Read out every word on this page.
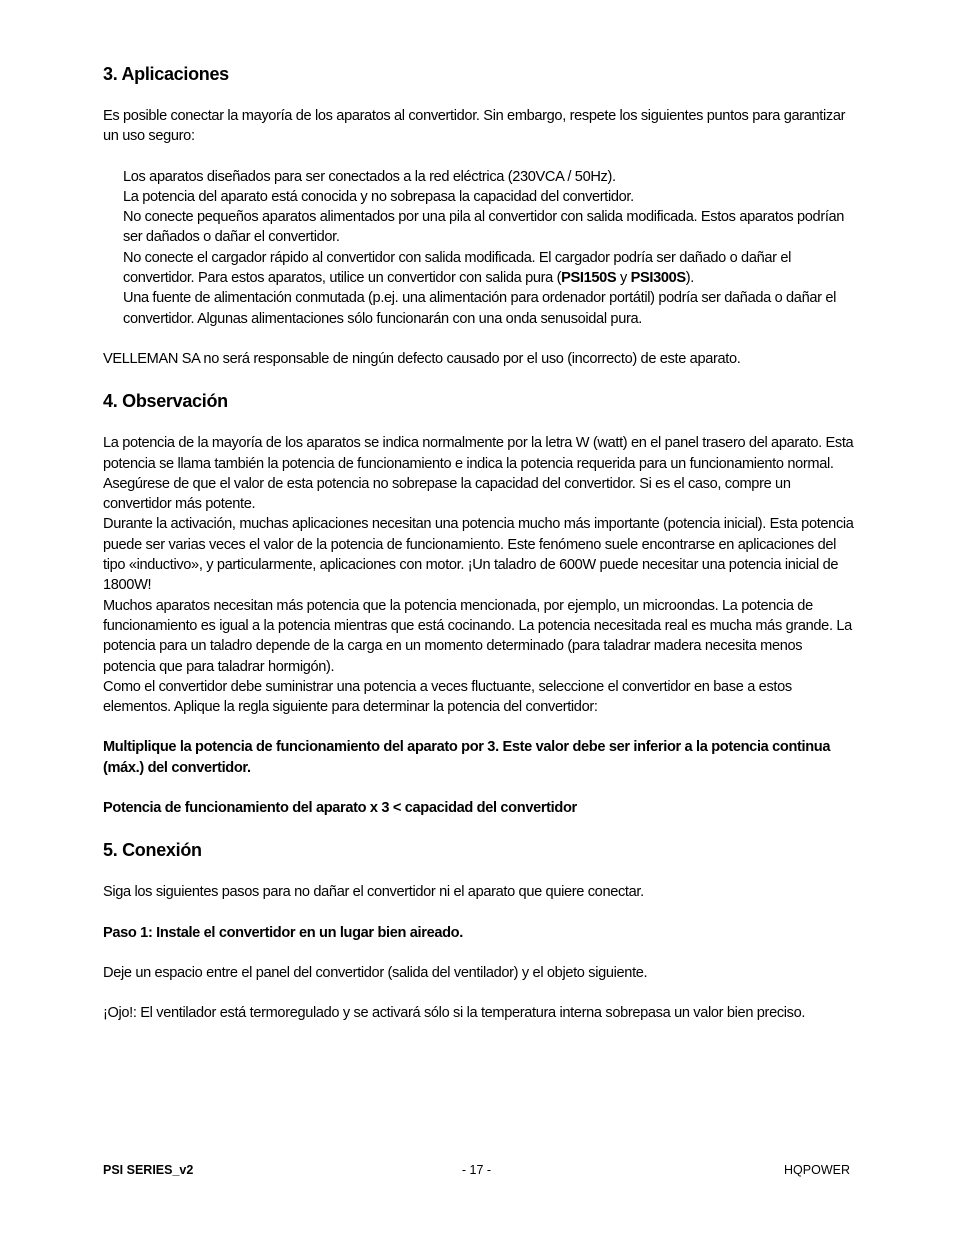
3. Aplicaciones

Es posible conectar la mayoría de los aparatos al convertidor. Sin embargo, respete los siguientes puntos para garantizar un uso seguro:

Los aparatos diseñados para ser conectados a la red eléctrica (230VCA / 50Hz).
La potencia del aparato está conocida y no sobrepasa la capacidad del convertidor.
No conecte pequeños aparatos alimentados por una pila al convertidor con salida modificada. Estos aparatos podrían ser dañados o dañar el convertidor.
No conecte el cargador rápido al convertidor con salida modificada. El cargador podría ser dañado o dañar el convertidor. Para estos aparatos, utilice un convertidor con salida pura (PSI150S y PSI300S).
Una fuente de alimentación conmutada (p.ej. una alimentación para ordenador portátil) podría ser dañada o dañar el convertidor. Algunas alimentaciones sólo funcionarán con una onda senusoidal pura.

VELLEMAN SA no será responsable de ningún defecto causado por el uso (incorrecto) de este aparato.

4. Observación

La potencia de la mayoría de los aparatos se indica normalmente por la letra W (watt) en el panel trasero del aparato. Esta potencia se llama también la potencia de funcionamiento e indica la potencia requerida para un funcionamiento normal. Asegúrese de que el valor de esta potencia no sobrepase la capacidad del convertidor. Si es el caso, compre un convertidor más potente.

Durante la activación, muchas aplicaciones necesitan una potencia mucho más importante (potencia inicial). Esta potencia puede ser varias veces el valor de la potencia de funcionamiento. Este fenómeno suele encontrarse en aplicaciones del tipo «inductivo», y particularmente, aplicaciones con motor. ¡Un taladro de 600W puede necesitar una potencia inicial de 1800W!

Muchos aparatos necesitan más potencia que la potencia mencionada, por ejemplo, un microondas. La potencia de funcionamiento es igual a la potencia mientras que está cocinando. La potencia necesitada real es mucha más grande. La potencia para un taladro depende de la carga en un momento determinado (para taladrar madera necesita menos potencia que para taladrar hormigón).

Como el convertidor debe suministrar una potencia a veces fluctuante, seleccione el convertidor en base a estos elementos. Aplique la regla siguiente para determinar la potencia del convertidor:

Multiplique la potencia de funcionamiento del aparato por 3. Este valor debe ser inferior a la potencia continua (máx.) del convertidor.

Potencia de funcionamiento del aparato x 3 < capacidad del convertidor

5. Conexión

Siga los siguientes pasos para no dañar el convertidor ni el aparato que quiere conectar.

Paso 1: Instale el convertidor en un lugar bien aireado.

Deje un espacio entre el panel del convertidor (salida del ventilador) y el objeto siguiente.

¡Ojo!: El ventilador está termoregulado y se activará sólo si la temperatura interna sobrepasa un valor bien preciso.

PSI SERIES_v2	- 17 -	HQPOWER
